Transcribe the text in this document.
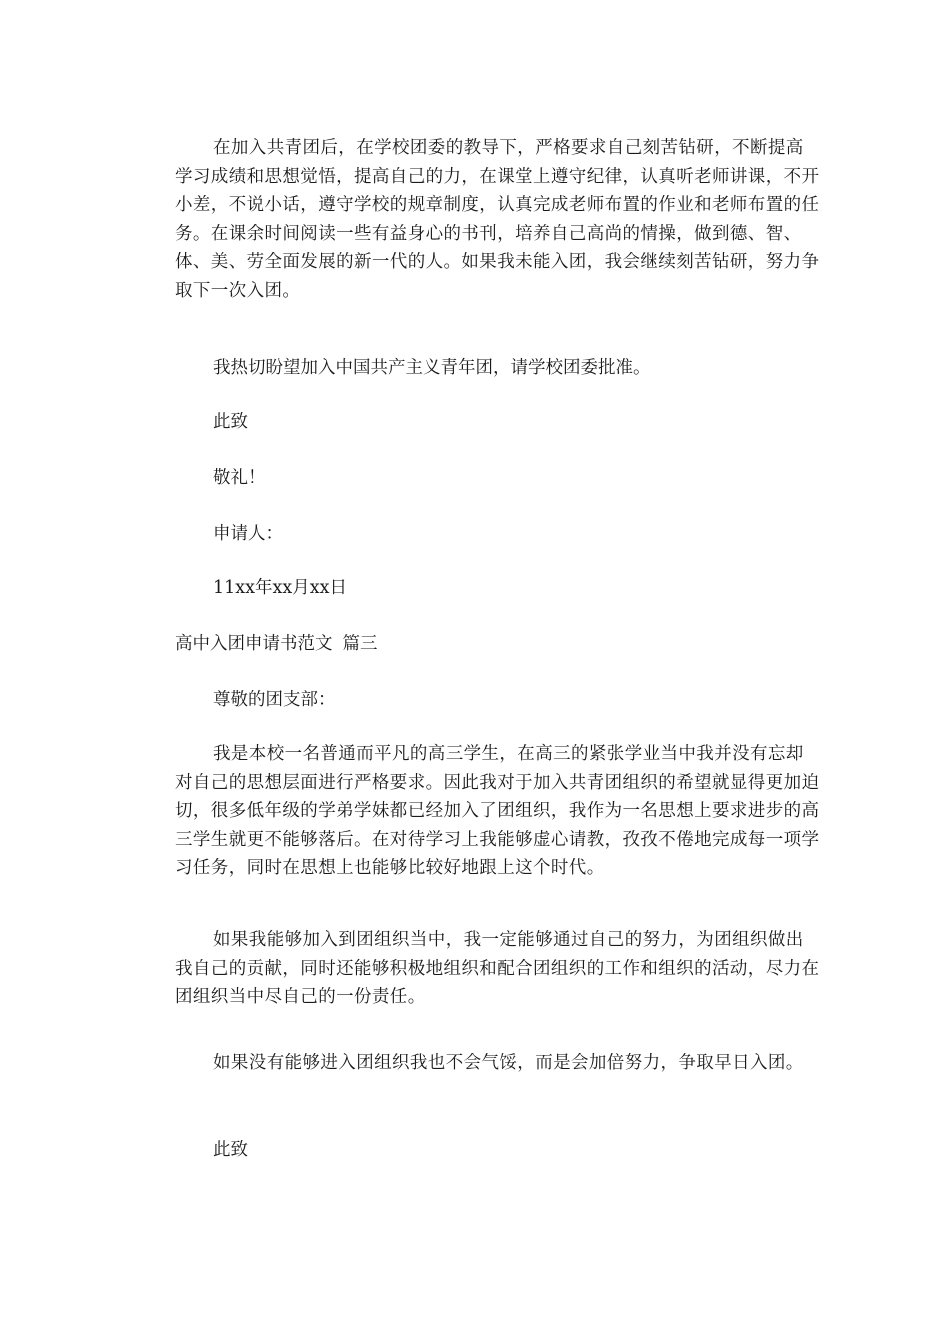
在加入共青团后，在学校团委的教导下，严格要求自己刻苦钻研，不断提高学习成绩和思想觉悟，提高自己的力，在课堂上遵守纪律，认真听老师讲课，不开小差，不说小话，遵守学校的规章制度，认真完成老师布置的作业和老师布置的任务。在课余时间阅读一些有益身心的书刊，培养自己高尚的情操，做到德、智、体、美、劳全面发展的新一代的人。如果我未能入团，我会继续刻苦钻研，努力争取下一次入团。

我热切盼望加入中国共产主义青年团，请学校团委批准。

此致

敬礼！

申请人：

11xx年xx月xx日

高中入团申请书范文 篇三

尊敬的团支部：

我是本校一名普通而平凡的高三学生，在高三的紧张学业当中我并没有忘却对自己的思想层面进行严格要求。因此我对于加入共青团组织的希望就显得更加迫切，很多低年级的学弟学妹都已经加入了团组织，我作为一名思想上要求进步的高三学生就更不能够落后。在对待学习上我能够虚心请教，孜孜不倦地完成每一项学习任务，同时在思想上也能够比较好地跟上这个时代。

如果我能够加入到团组织当中，我一定能够通过自己的努力，为团组织做出我自己的贡献，同时还能够积极地组织和配合团组织的工作和组织的活动，尽力在团组织当中尽自己的一份责任。

如果没有能够进入团组织我也不会气馁，而是会加倍努力，争取早日入团。

此致
